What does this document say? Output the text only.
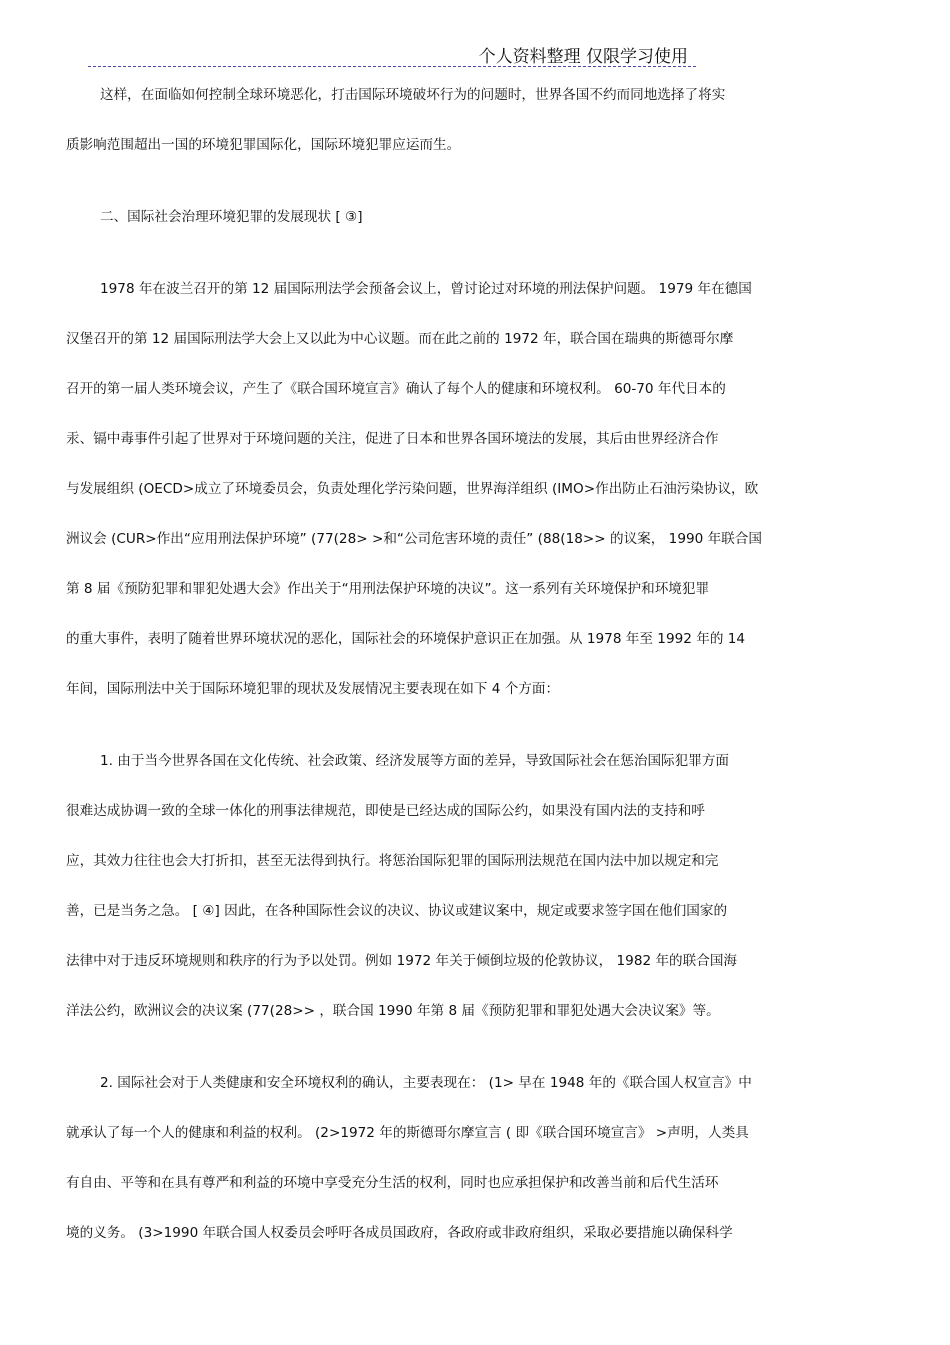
个人资料整理 仅限学习使用
这样，在面临如何控制全球环境恶化，打击国际环境破坏行为的问题时，世界各国不约而同地选择了将实
质影响范围超出一国的环境犯罪国际化，国际环境犯罪应运而生。
二、国际社会治理环境犯罪的发展现状 [ ③]
1978 年在波兰召开的第 12 届国际刑法学会预备会议上，曾讨论过对环境的刑法保护问题。 1979 年在德国
汉堡召开的第 12 届国际刑法学大会上又以此为中心议题。而在此之前的 1972 年，联合国在瑞典的斯德哥尔摩
召开的第一届人类环境会议，产生了《联合国环境宣言》确认了每个人的健康和环境权利。 60-70 年代日本的
汞、镉中毒事件引起了世界对于环境问题的关注，促进了日本和世界各国环境法的发展，其后由世界经济合作
与发展组织 (OECD>成立了环境委员会，负责处理化学污染问题，世界海洋组织 (IMO>作出防止石油污染协议，欧
洲议会 (CUR>作出“应用刑法保护环境” (77(28> >和“公司危害环境的责任” (88(18>> 的议案， 1990 年联合国
第 8 届《预防犯罪和罪犯处遇大会》作出关于“用刑法保护环境的决议”。这一系列有关环境保护和环境犯罪
的重大事件，表明了随着世界环境状况的恶化，国际社会的环境保护意识正在加强。从 1978 年至 1992 年的 14
年间，国际刑法中关于国际环境犯罪的现状及发展情况主要表现在如下 4 个方面：
1. 由于当今世界各国在文化传统、社会政策、经济发展等方面的差异，导致国际社会在惩治国际犯罪方面
很难达成协调一致的全球一体化的刑事法律规范，即使是已经达成的国际公约，如果没有国内法的支持和呼
应，其效力往往也会大打折扣，甚至无法得到执行。将惩治国际犯罪的国际刑法规范在国内法中加以规定和完
善，已是当务之急。 [ ④] 因此，在各种国际性会议的决议、协议或建议案中，规定或要求签字国在他们国家的
法律中对于违反环境规则和秩序的行为予以处罚。例如 1972 年关于倾倒垃圾的伦敦协议， 1982 年的联合国海
洋法公约，欧洲议会的决议案 (77(28>> ，联合国 1990 年第 8 届《预防犯罪和罪犯处遇大会决议案》等。
2. 国际社会对于人类健康和安全环境权利的确认，主要表现在： (1> 早在 1948 年的《联合国人权宣言》中
就承认了每一个人的健康和利益的权利。 (2>1972 年的斯德哥尔摩宣言 ( 即《联合国环境宣言》 >声明，人类具
有自由、平等和在具有尊严和利益的环境中享受充分生活的权利，同时也应承担保护和改善当前和后代生活环
境的义务。 (3>1990 年联合国人权委员会呼吁各成员国政府，各政府或非政府组织，采取必要措施以确保科学
